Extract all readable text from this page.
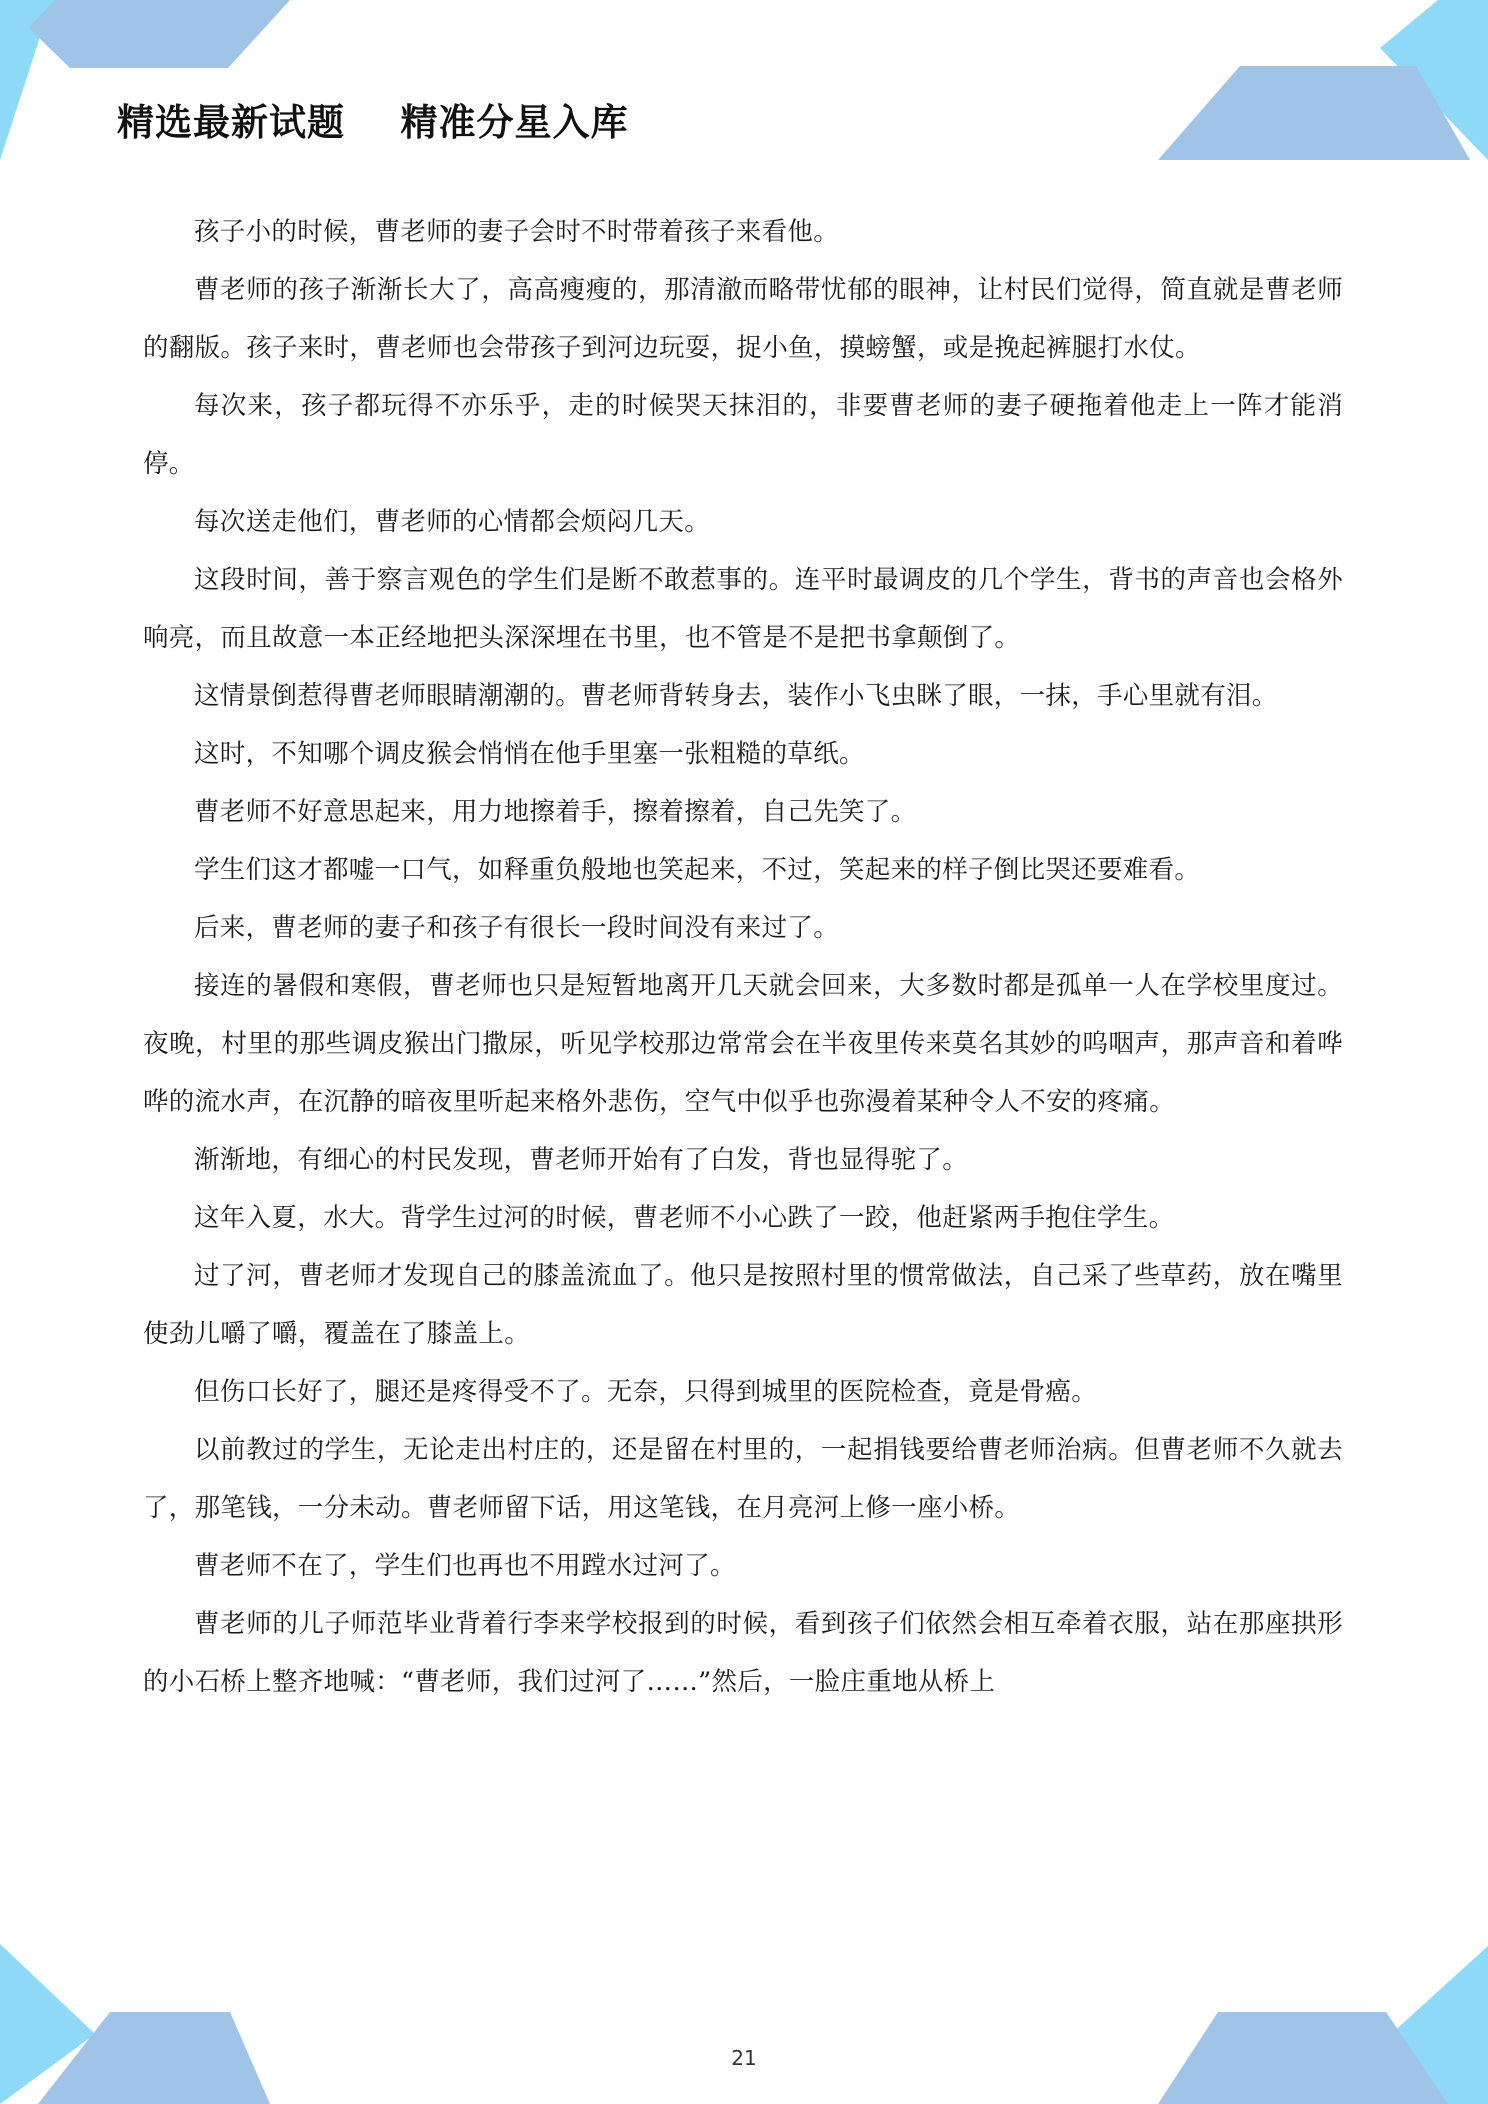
精选最新试题    精准分星入库

孩子小的时候，曹老师的妻子会时不时带着孩子来看他。

曹老师的孩子渐渐长大了，高高瘦瘦的，那清澈而略带忧郁的眼神，让村民们觉得，简直就是曹老师的翻版。孩子来时，曹老师也会带孩子到河边玩耍，捉小鱼，摸螃蟹，或是挽起裤腿打水仗。

每次来，孩子都玩得不亦乐乎，走的时候哭天抹泪的，非要曹老师的妻子硬拖着他走上一阵才能消停。

每次送走他们，曹老师的心情都会烦闷几天。

这段时间，善于察言观色的学生们是断不敢惹事的。连平时最调皮的几个学生，背书的声音也会格外响亮，而且故意一本正经地把头深深埋在书里，也不管是不是把书拿颠倒了。

这情景倒惹得曹老师眼睛潮潮的。曹老师背转身去，装作小飞虫眯了眼，一抹，手心里就有泪。

这时，不知哪个调皮猴会悄悄在他手里塞一张粗糙的草纸。

曹老师不好意思起来，用力地擦着手，擦着擦着，自己先笑了。

学生们这才都嘘一口气，如释重负般地也笑起来，不过，笑起来的样子倒比哭还要难看。

后来，曹老师的妻子和孩子有很长一段时间没有来过了。

接连的暑假和寒假，曹老师也只是短暂地离开几天就会回来，大多数时都是孤单一人在学校里度过。夜晚，村里的那些调皮猴出门撒尿，听见学校那边常常会在半夜里传来莫名其妙的呜咽声，那声音和着哗哗的流水声，在沉静的暗夜里听起来格外悲伤，空气中似乎也弥漫着某种令人不安的疼痛。

渐渐地，有细心的村民发现，曹老师开始有了白发，背也显得驼了。

这年入夏，水大。背学生过河的时候，曹老师不小心跌了一跤，他赶紧两手抱住学生。

过了河，曹老师才发现自己的膝盖流血了。他只是按照村里的惯常做法，自己采了些草药，放在嘴里使劲儿嚼了嚼，覆盖在了膝盖上。

但伤口长好了，腿还是疼得受不了。无奈，只得到城里的医院检查，竟是骨癌。

以前教过的学生，无论走出村庄的，还是留在村里的，一起捐钱要给曹老师治病。但曹老师不久就去了，那笔钱，一分未动。曹老师留下话，用这笔钱，在月亮河上修一座小桥。

曹老师不在了，学生们也再也不用蹚水过河了。

曹老师的儿子师范毕业背着行李来学校报到的时候，看到孩子们依然会相互牵着衣服，站在那座拱形的小石桥上整齐地喊：“曹老师，我们过河了……”然后，一脸庄重地从桥上

21
